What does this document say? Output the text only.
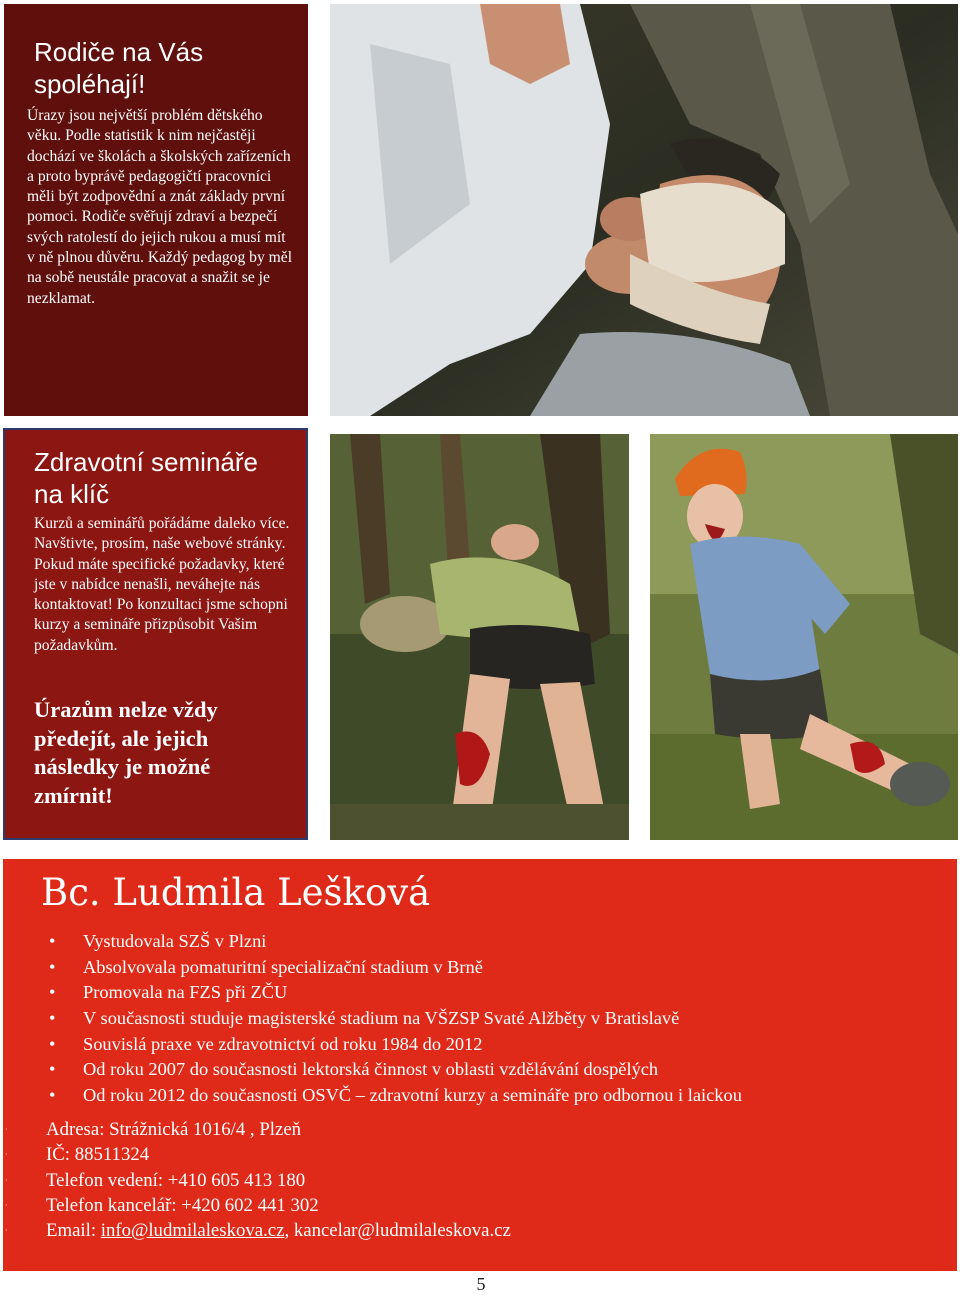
Rodiče na Vás spoléhají!
Úrazy jsou největší problém dětského věku. Podle statistik k nim nejčastěji dochází ve školách a školských zařízeních a proto byprávě pedagogičtí pracovníci měli být zodpovědní a znát základy první pomoci. Rodiče svěřují zdraví a bezpečí svých ratolestí do jejich rukou a musí mít v ně plnou důvěru. Každý pedagog by měl na sobě neustále pracovat a snažit se je nezklamat.
Zdravotní semináře na klíč
Kurzů a seminářů pořádáme daleko více. Navštivte, prosím, naše webové stránky. Pokud máte specifické požadavky, které jste v nabídce nenašli, neváhejte nás kontaktovat! Po konzultaci jsme schopni kurzy a semináře přizpůsobit Vašim požadavkům.
Úrazům nelze vždy předejít, ale jejich následky je možné zmírnit!
Bc. Ludmila Lešková
• Vystudovala SZŠ v Plzni
• Absolvovala pomaturitní specializační stadium v Brně
• Promovala na FZS při ZČU
• V současnosti studuje magisterské stadium na VŠZSP Svaté Alžběty v Bratislavě
• Souvislá praxe ve zdravotnictví od roku 1984 do 2012
• Od roku 2007 do současnosti lektorská činnost v oblasti vzdělávání dospělých
• Od roku 2012 do současnosti OSVČ – zdravotní kurzy a semináře pro odbornou i laickou
· Adresa: Strážnická 1016/4 , Plzeň
· IČ: 88511324
· Telefon vedení: +410 605 413 180
· Telefon kancelář: +420 602 441 302
· Email: info@ludmilaleskova.cz, kancelar@ludmilaleskova.cz
5
